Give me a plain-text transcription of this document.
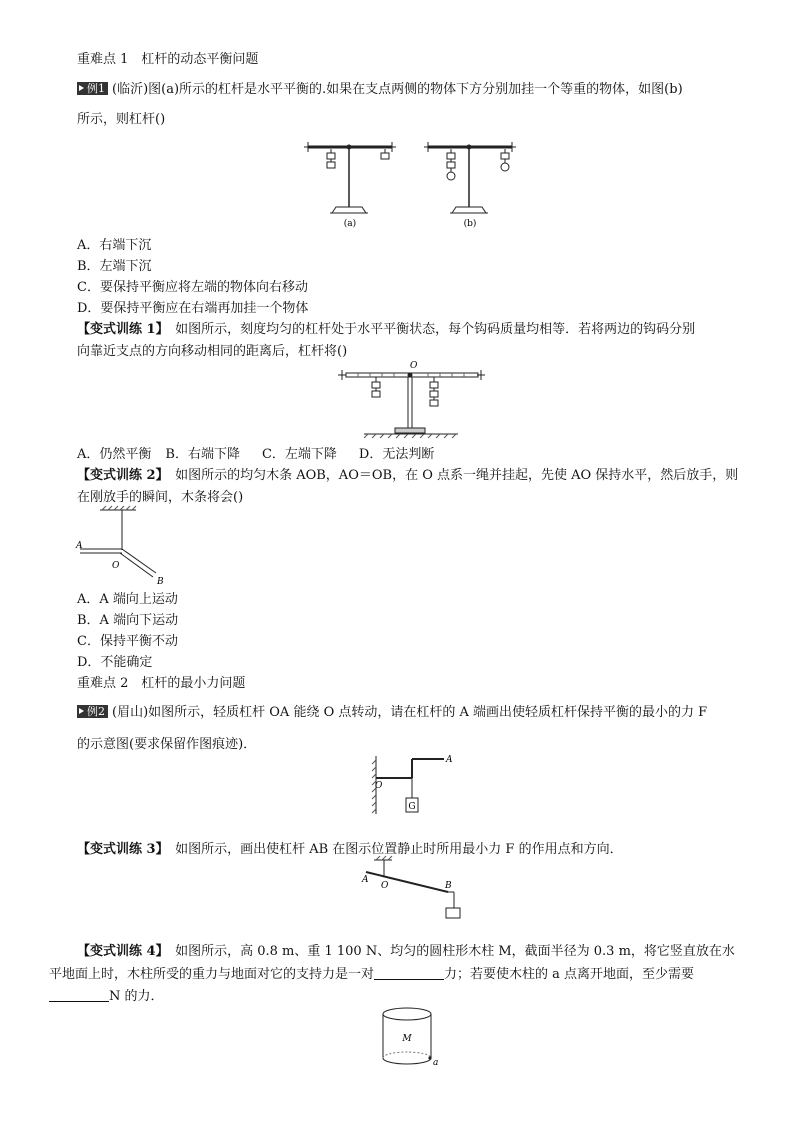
重难点 1　杠杆的动态平衡问题
例1 (临沂)图(a)所示的杠杆是水平平衡的.如果在支点两侧的物体下方分别加挂一个等重的物体，如图(b)
所示，则杠杆()
(a)	(b)
A．右端下沉
B．左端下沉
C．要保持平衡应将左端的物体向右移动
D．要保持平衡应在右端再加挂一个物体
【变式训练 1】　如图所示，刻度均匀的杠杆处于水平平衡状态，每个钩码质量均相等．若将两边的钩码分别
向靠近支点的方向移动相同的距离后，杠杆将()
O
A．仍然平衡 B．右端下降 C．左端下降 D．无法判断
【变式训练 2】　如图所示的均匀木条 AOB，AO＝OB，在 O 点系一绳并挂起，先使 AO 保持水平，然后放手，则
在刚放手的瞬间，木条将会()
A
O
B
A．A 端向上运动
B．A 端向下运动
C．保持平衡不动
D．不能确定
重难点 2　杠杆的最小力问题
例2 (眉山)如图所示，轻质杠杆 OA 能绕 O 点转动，请在杠杆的 A 端画出使轻质杠杆保持平衡的最小的力 F
的示意图(要求保留作图痕迹)．
A
O
G
【变式训练 3】　如图所示，画出使杠杆 AB 在图示位置静止时所用最小力 F 的作用点和方向．
A
O	B
【变式训练 4】　如图所示，高 0.8 m、重 1 100 N、均匀的圆柱形木柱 M，截面半径为 0.3 m，将它竖直放在水
平地面上时，木柱所受的重力与地面对它的支持力是一对	力；若要使木柱的 a 点离开地面，至少需要
N 的力．
M
a
